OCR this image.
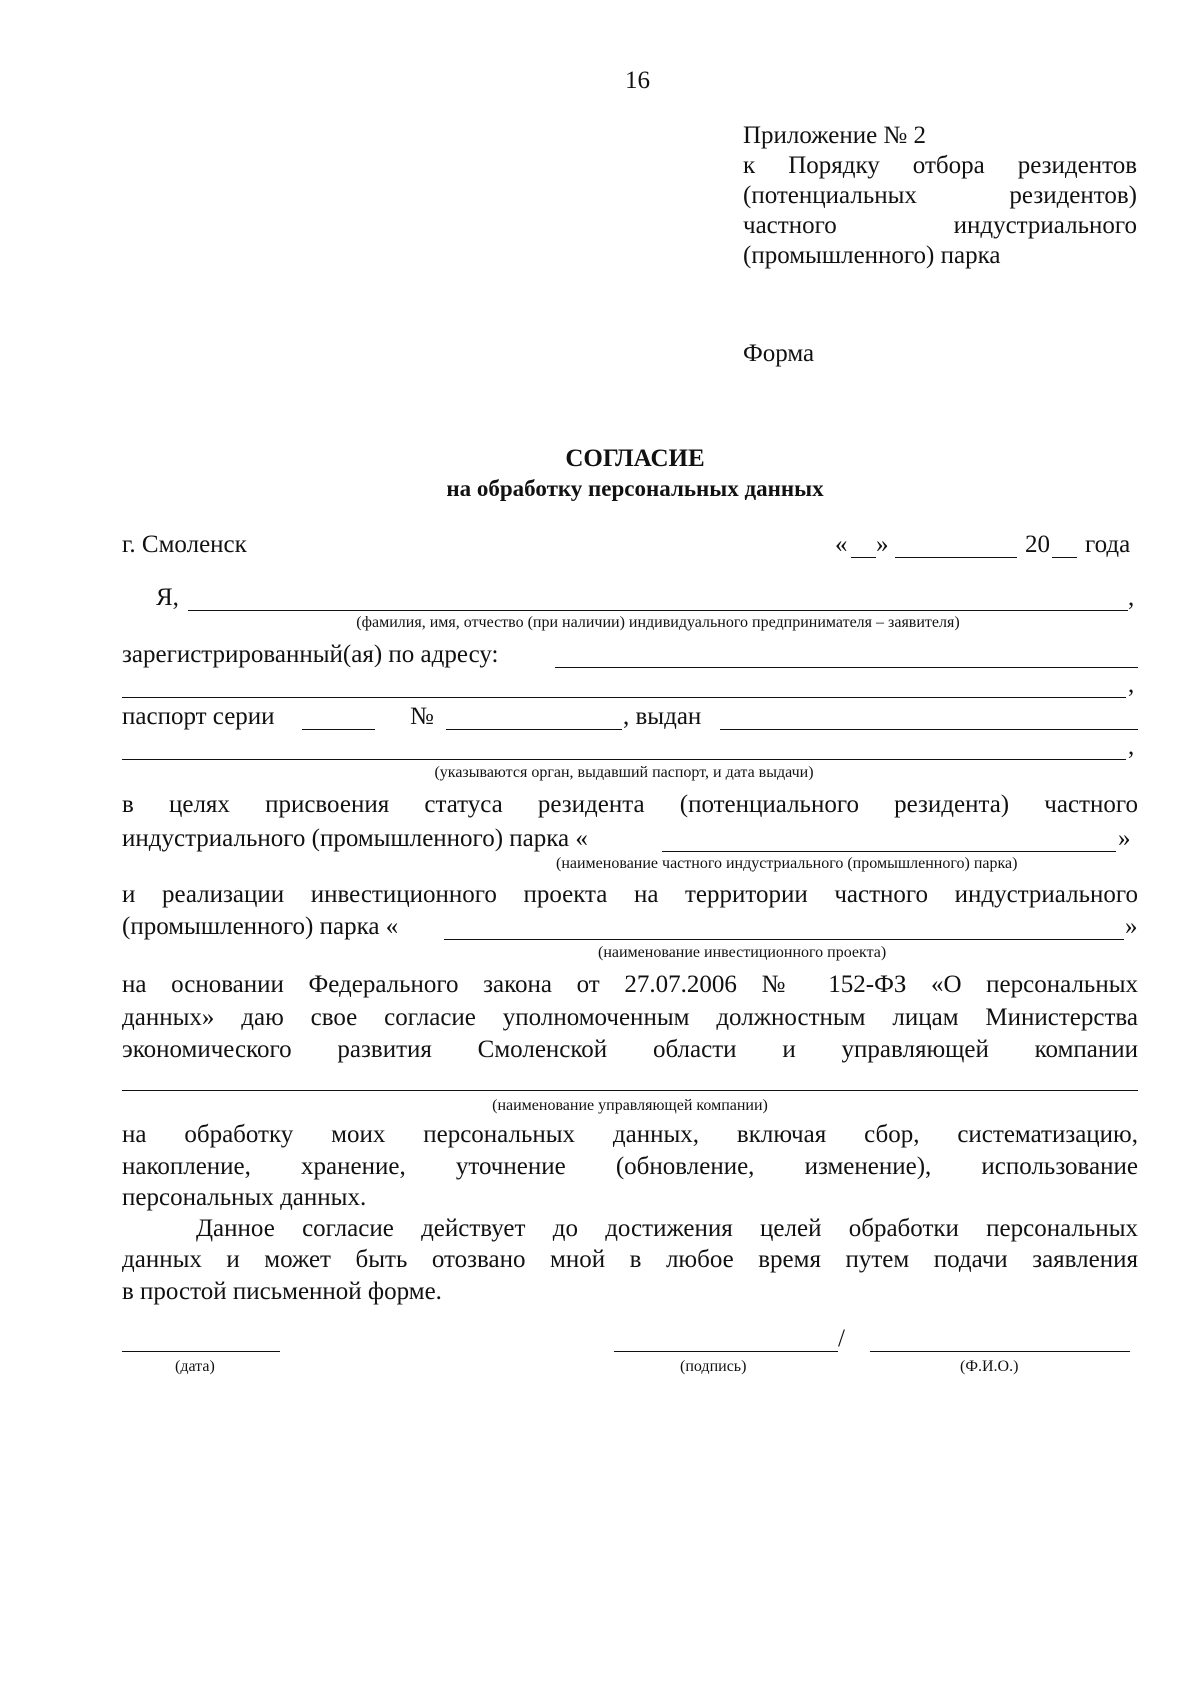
16
Приложение № 2
к Порядку отбора резидентов
(потенциальных резидентов)
частного индустриального
(промышленного) парка
Форма
СОГЛАСИЕ
на обработку персональных данных
г. Смоленск	« »	20 года
Я,	,
(фамилия, имя, отчество (при наличии) индивидуального предпринимателя – заявителя)
зарегистрированный(ая) по адресу:
,
паспорт серии	№	, выдан
,
(указываются орган, выдавший паспорт, и дата выдачи)
в целях присвоения статуса резидента (потенциального резидента) частного
индустриального (промышленного) парка «	»
(наименование частного индустриального (промышленного) парка)
и реализации инвестиционного проекта на территории частного индустриального
(промышленного) парка «	»
(наименование инвестиционного проекта)
на основании Федерального закона от 27.07.2006 № 152-ФЗ «О персональных
данных» даю свое согласие уполномоченным должностным лицам Министерства
экономического развития Смоленской области и управляющей компании
(наименование управляющей компании)
на обработку моих персональных данных, включая сбор, систематизацию,
накопление, хранение, уточнение (обновление, изменение), использование
персональных данных.
Данное согласие действует до достижения целей обработки персональных
данных и может быть отозвано мной в любое время путем подачи заявления
в простой письменной форме.
(дата)
/
(подпись)	(Ф.И.О.)
